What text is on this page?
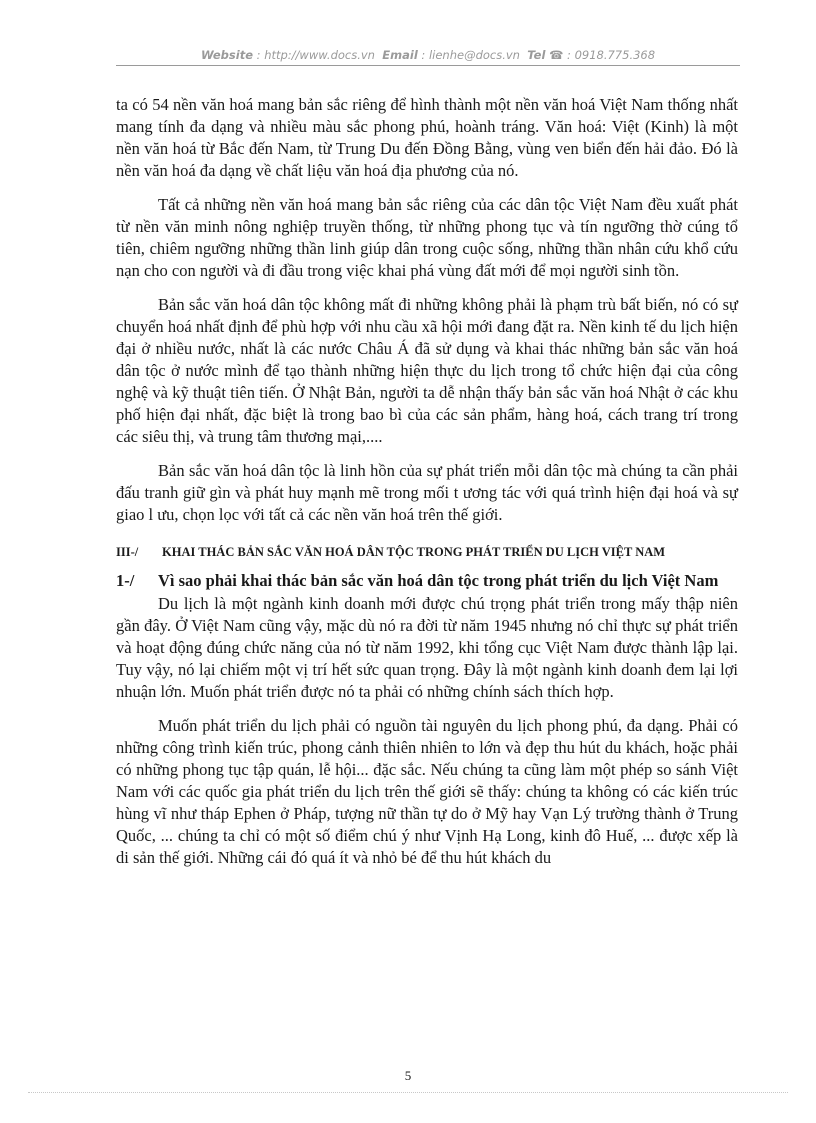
Website : http://www.docs.vn Email : lienhe@docs.vn Tel ☎ : 0918.775.368

ta có 54 nền văn hoá mang bản sắc riêng để hình thành một nền văn hoá Việt Nam thống nhất mang tính đa dạng và nhiều màu sắc phong phú, hoành tráng. Văn hoá: Việt (Kinh) là một nền văn hoá từ Bắc đến Nam, từ Trung Du đến Đồng Bằng, vùng ven biển đến hải đảo. Đó là nền văn hoá đa dạng về chất liệu văn hoá địa phương của nó.

Tất cả những nền văn hoá mang bản sắc riêng của các dân tộc Việt Nam đều xuất phát từ nền văn minh nông nghiệp truyền thống, từ những phong tục và tín ngưỡng thờ cúng tổ tiên, chiêm ngưỡng những thần linh giúp dân trong cuộc sống, những thần nhân cứu khổ cứu nạn cho con người và đi đầu trong việc khai phá vùng đất mới để mọi người sinh tồn.

Bản sắc văn hoá dân tộc không mất đi những không phải là phạm trù bất biến, nó có sự chuyển hoá nhất định để phù hợp với nhu cầu xã hội mới đang đặt ra. Nền kinh tế du lịch hiện đại ở nhiều nước, nhất là các nước Châu Á đã sử dụng và khai thác những bản sắc văn hoá dân tộc ở nước mình để tạo thành những hiện thực du lịch trong tổ chức hiện đại của công nghệ và kỹ thuật tiên tiến. Ở Nhật Bản, người ta dễ nhận thấy bản sắc văn hoá Nhật ở các khu phố hiện đại nhất, đặc biệt là trong bao bì của các sản phẩm, hàng hoá, cách trang trí trong các siêu thị, và trung tâm thương mại,....

Bản sắc văn hoá dân tộc là linh hồn của sự phát triển mỗi dân tộc mà chúng ta cần phải đấu tranh giữ gìn và phát huy mạnh mẽ trong mối t ương tác với quá trình hiện đại hoá và sự giao l ưu, chọn lọc với tất cả các nền văn hoá trên thế giới.

III-/	KHAI THÁC BẢN SẮC VĂN HOÁ DÂN TỘC TRONG PHÁT TRIỂN DU LỊCH VIỆT NAM
1-/	Vì sao phải khai thác bản sắc văn hoá dân tộc trong phát triển du lịch Việt Nam

Du lịch là một ngành kinh doanh mới được chú trọng phát triển trong mấy thập niên gần đây. Ở Việt Nam cũng vậy, mặc dù nó ra đời từ năm 1945 nhưng nó chỉ thực sự phát triển và hoạt động đúng chức năng của nó từ năm 1992, khi tổng cục Việt Nam được thành lập lại. Tuy vậy, nó lại chiếm một vị trí hết sức quan trọng. Đây là một ngành kinh doanh đem lại lợi nhuận lớn. Muốn phát triển được nó ta phải có những chính sách thích hợp.

Muốn phát triển du lịch phải có nguồn tài nguyên du lịch phong phú, đa dạng. Phải có những công trình kiến trúc, phong cảnh thiên nhiên to lớn và đẹp thu hút du khách, hoặc phải có những phong tục tập quán, lễ hội... đặc sắc. Nếu chúng ta cũng làm một phép so sánh Việt Nam với các quốc gia phát triển du lịch trên thế giới sẽ thấy: chúng ta không có các kiến trúc hùng vĩ như tháp Ephen ở Pháp, tượng nữ thần tự do ở Mỹ hay Vạn Lý trường thành ở Trung Quốc, ... chúng ta chỉ có một số điểm chú ý như Vịnh Hạ Long, kinh đô Huế, ... được xếp là di sản thế giới. Những cái đó quá ít và nhỏ bé để thu hút khách du

5
